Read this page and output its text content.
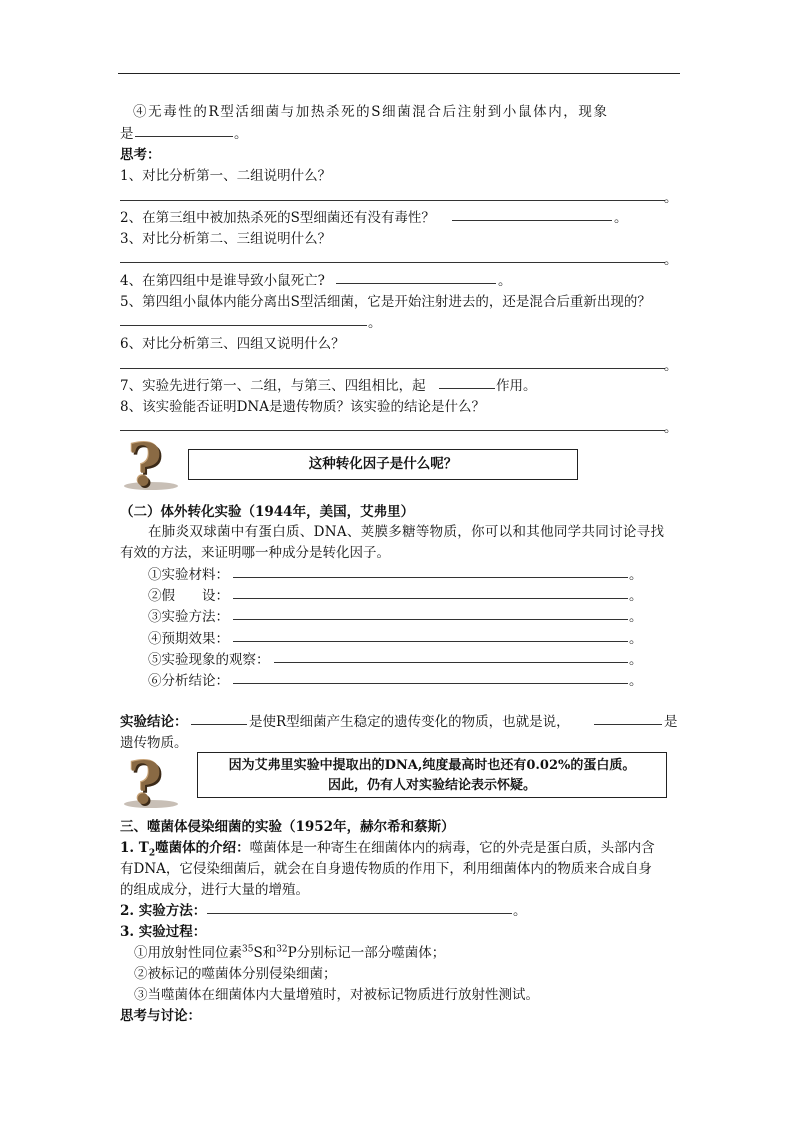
④无毒性的R型活细菌与加热杀死的S细菌混合后注射到小鼠体内，现象
是	。
思考：
1、对比分析第一、二组说明什么？
。
2、在第三组中被加热杀死的S型细菌还有没有毒性？	。
3、对比分析第二、三组说明什么？
。
4、在第四组中是谁导致小鼠死亡?	。
5、第四组小鼠体内能分离出S型活细菌，它是开始注射进去的，还是混合后重新出现的？
。
6、对比分析第三、四组又说明什么？
。
7、实验先进行第一、二组，与第三、四组相比，起	作用。
8、该实验能否证明DNA是遗传物质？该实验的结论是什么？
。
?	这种转化因子是什么呢？
（二）体外转化实验（1944年，美国，艾弗里）
在肺炎双球菌中有蛋白质、DNA、荚膜多糖等物质，你可以和其他同学共同讨论寻找
有效的方法，来证明哪一种成分是转化因子。
①实验材料：	。
②假　　设：	。
③实验方法：	。
④预期效果：	。
⑤实验现象的观察：	。
⑥分析结论：	。
实验结论：	是使R型细菌产生稳定的遗传变化的物质，也就是说，	是
遗传物质。
?	因为艾弗里实验中提取出的DNA,纯度最高时也还有0.02%的蛋白质。
因此，仍有人对实验结论表示怀疑。
三、噬菌体侵染细菌的实验（1952年，赫尔希和蔡斯）
1. $T_2$噬菌体的介绍：噬菌体是一种寄生在细菌体内的病毒，它的外壳是蛋白质，头部内含
有DNA，它侵染细菌后，就会在自身遗传物质的作用下，利用细菌体内的物质来合成自身
的组成成分，进行大量的增殖。
2. 实验方法：	。
3. 实验过程：
①用放射性同位素$^{35}$S和$^{32}$P分别标记一部分噬菌体；
②被标记的噬菌体分别侵染细菌；
③当噬菌体在细菌体内大量增殖时，对被标记物质进行放射性测试。
思考与讨论：
